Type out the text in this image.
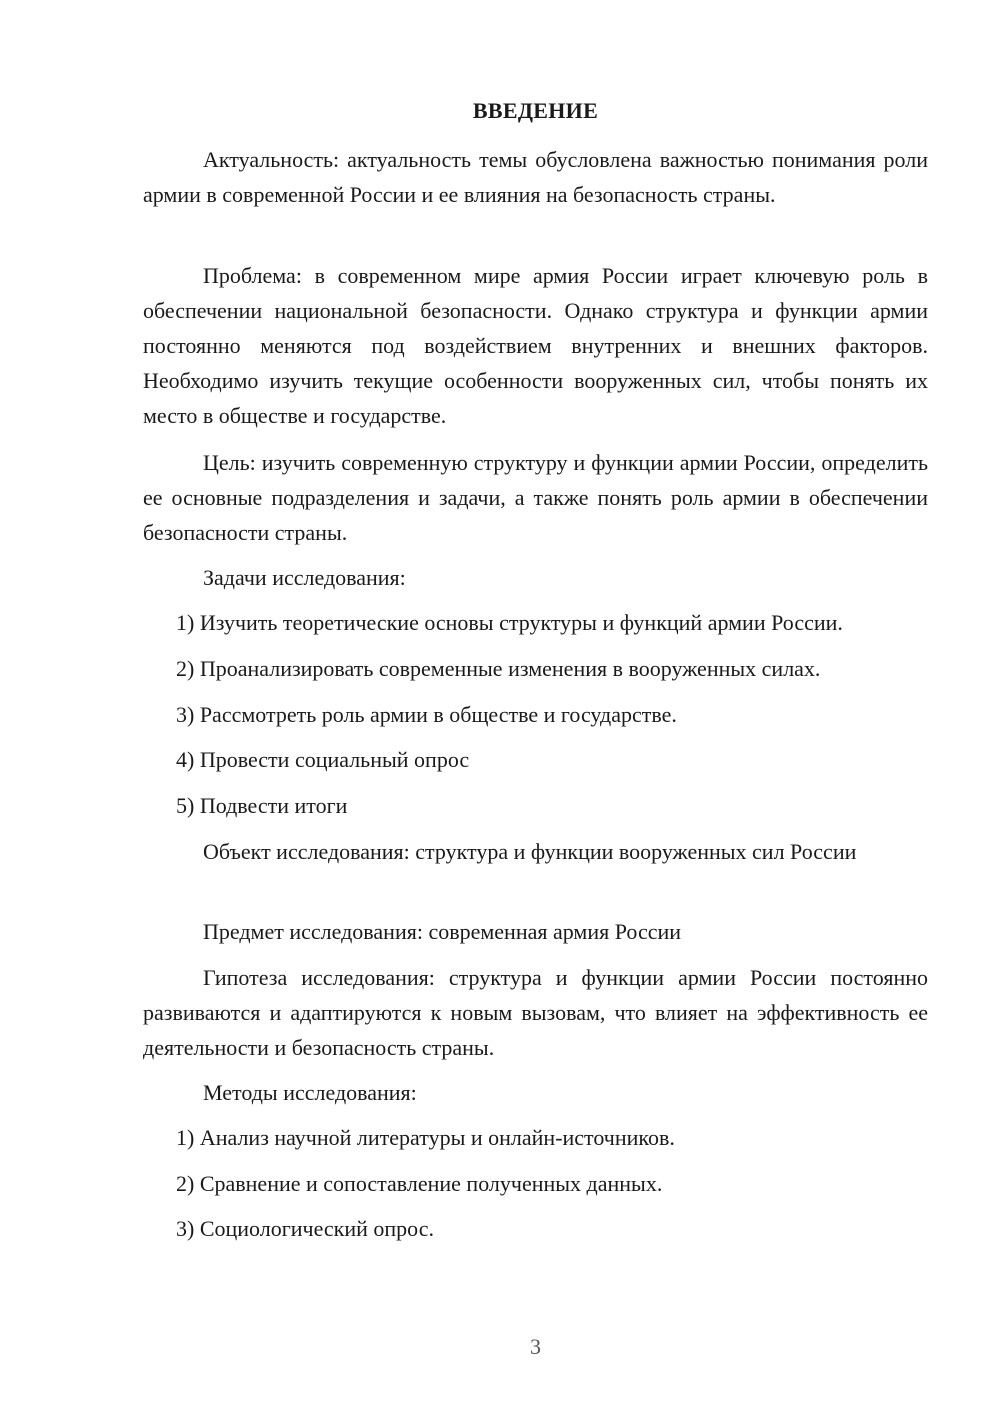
ВВЕДЕНИЕ

Актуальность: актуальность темы обусловлена важностью понимания роли армии в современной России и ее влияния на безопасность страны.

Проблема: в современном мире армия России играет ключевую роль в обеспечении национальной безопасности. Однако структура и функции армии постоянно меняются под воздействием внутренних и внешних факторов. Необходимо изучить текущие особенности вооруженных сил, чтобы понять их место в обществе и государстве.

Цель: изучить современную структуру и функции армии России, определить ее основные подразделения и задачи, а также понять роль армии в обеспечении безопасности страны.

Задачи исследования:

1) Изучить теоретические основы структуры и функций армии России.

2) Проанализировать современные изменения в вооруженных силах.

3) Рассмотреть роль армии в обществе и государстве.

4) Провести социальный опрос

5) Подвести итоги

Объект исследования: структура и функции вооруженных сил России

Предмет исследования: современная армия России

Гипотеза исследования: структура и функции армии России постоянно развиваются и адаптируются к новым вызовам, что влияет на эффективность ее деятельности и безопасность страны.

Методы исследования:

1) Анализ научной литературы и онлайн-источников.

2) Сравнение и сопоставление полученных данных.

3) Социологический опрос.

3
